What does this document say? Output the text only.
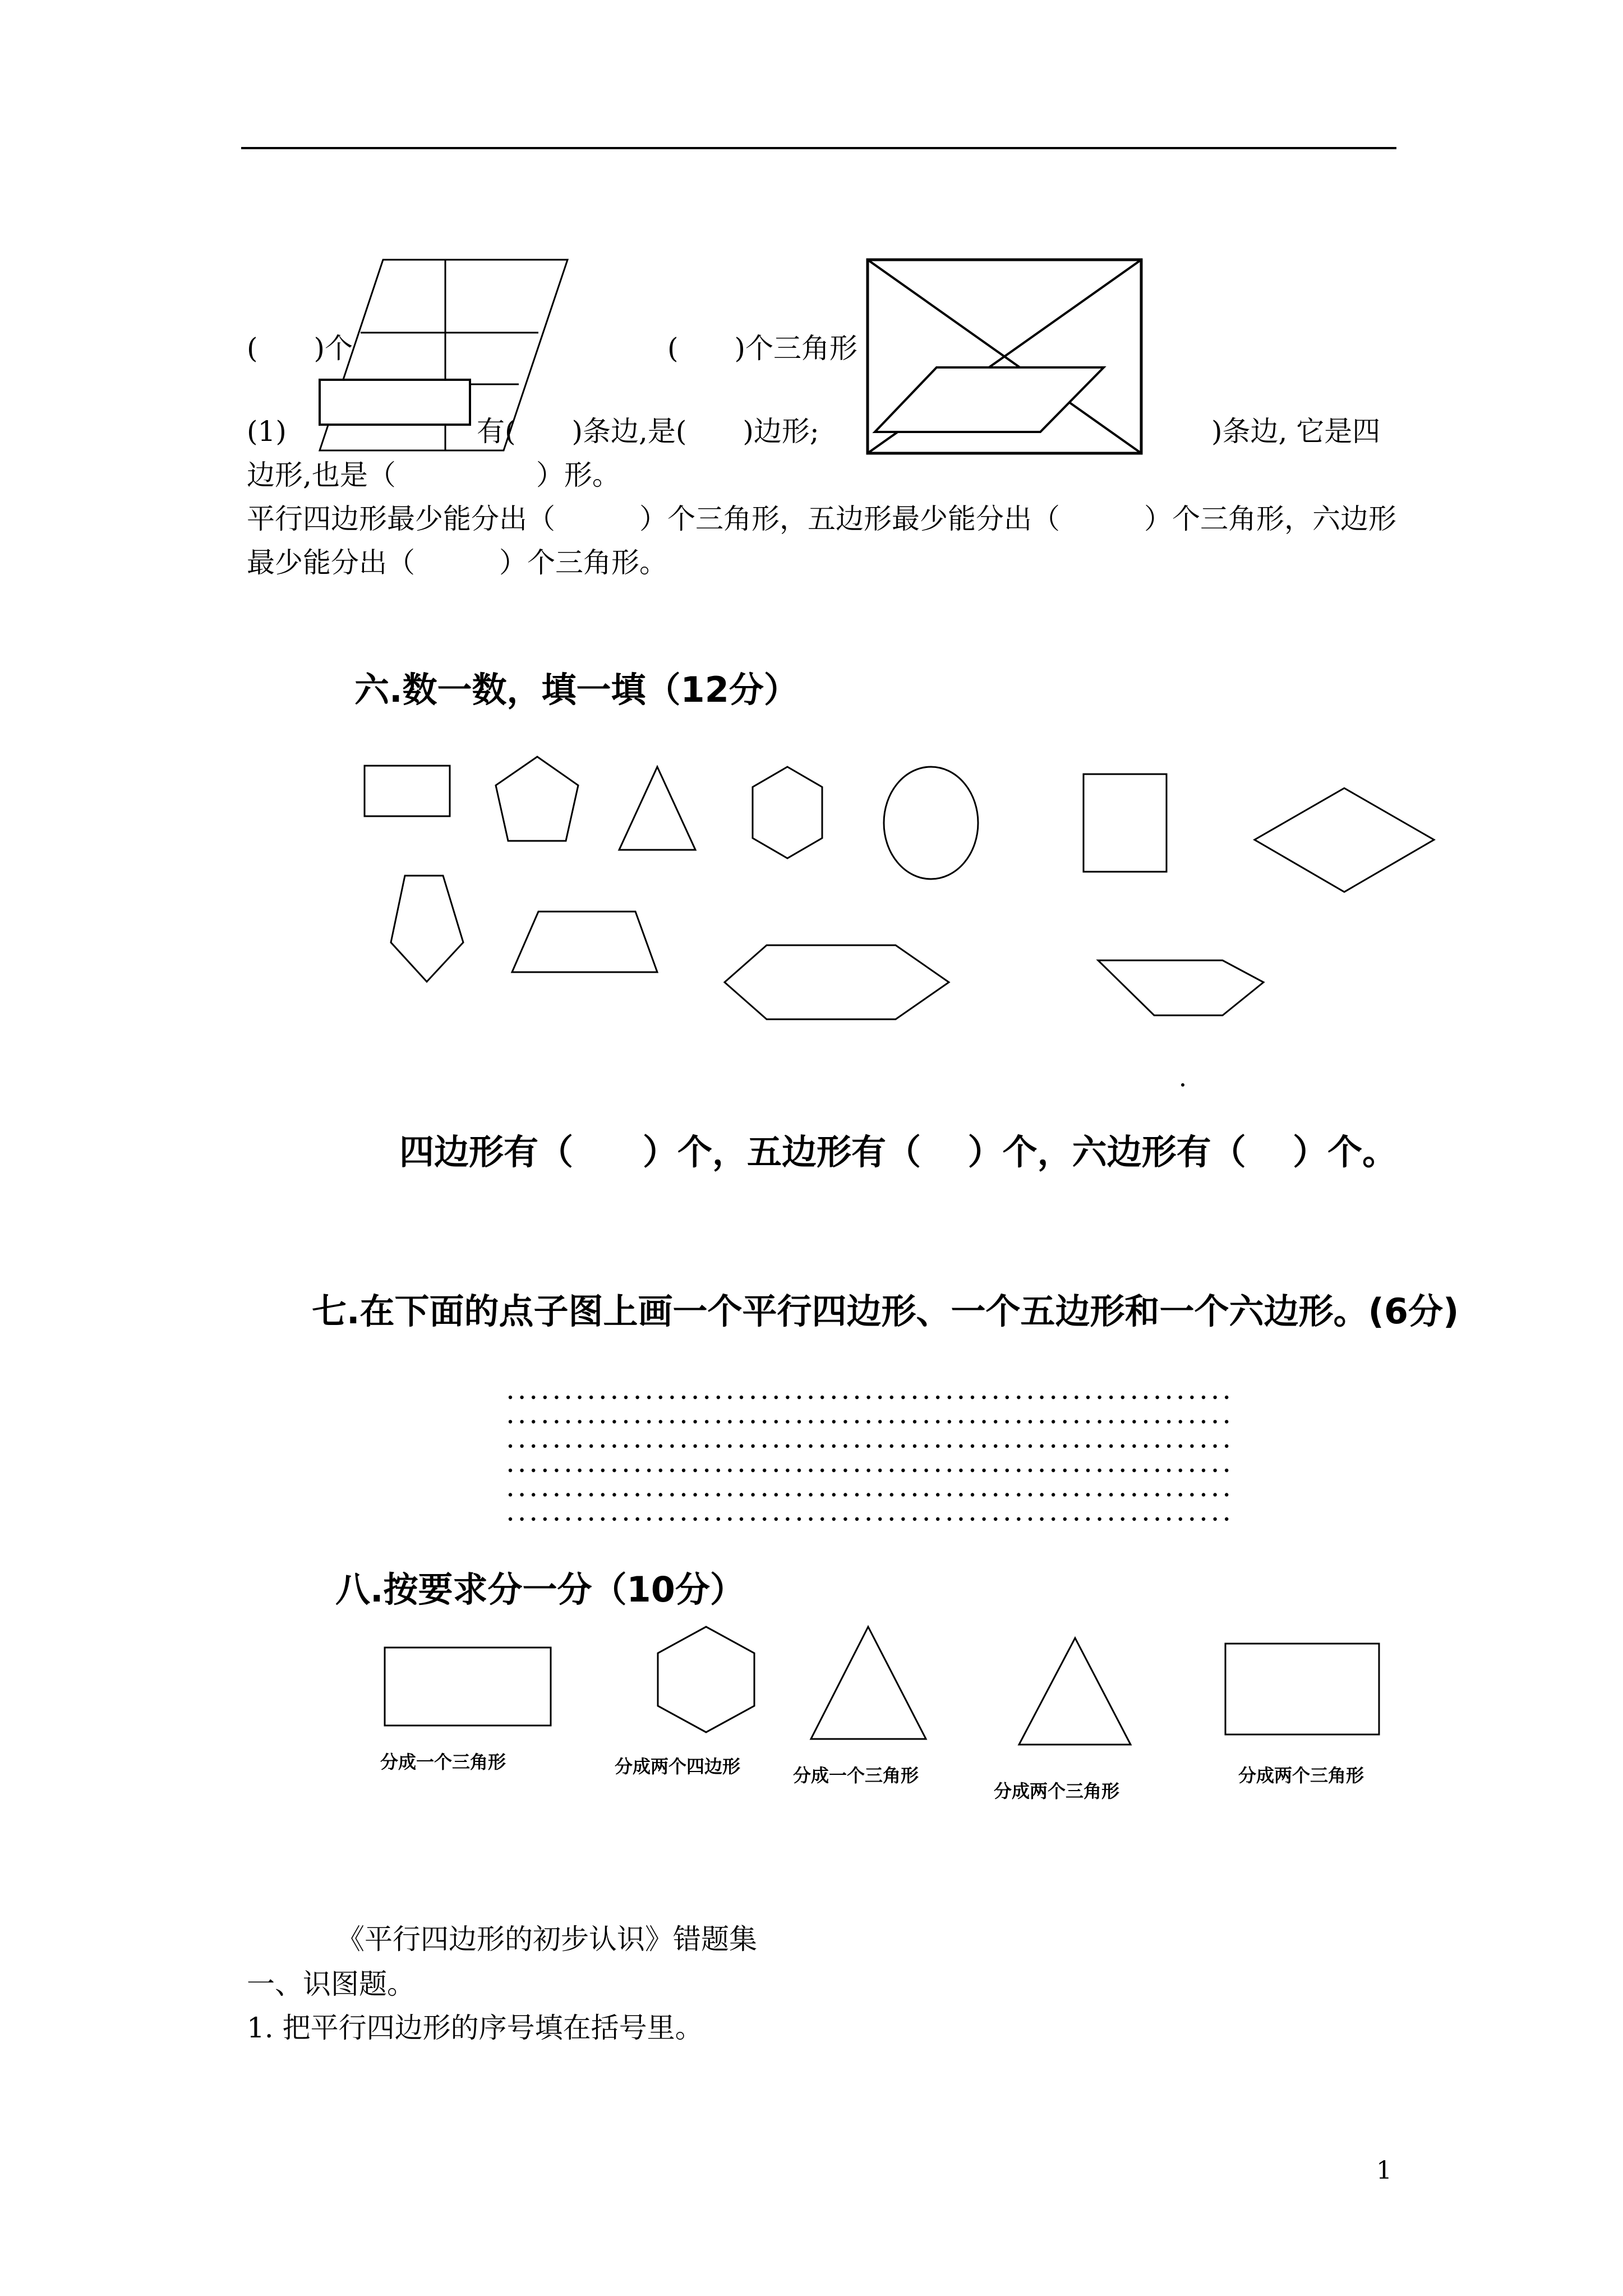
(　　)个	(　　)个三角形
(1)	有(　　)条边,是(　　)边形;	)条边, 它是四
边形,也是（　　　　　）形。
平行四边形最少能分出（　　　）个三角形，五边形最少能分出（　　　）个三角形，六边形
最少能分出（　　　）个三角形。
六.数一数，填一填（12分）
四边形有（　　）个，五边形有（　 ）个，六边形有（　 ）个。
七.在下面的点子图上画一个平行四边形、一个五边形和一个六边形。(6分)
八.按要求分一分（10分）
分成一个三角形	分成两个四边形	分成一个三角形
分成两个三角形
分成两个三角形
《平行四边形的初步认识》错题集
一、识图题。
1. 把平行四边形的序号填在括号里。
1
